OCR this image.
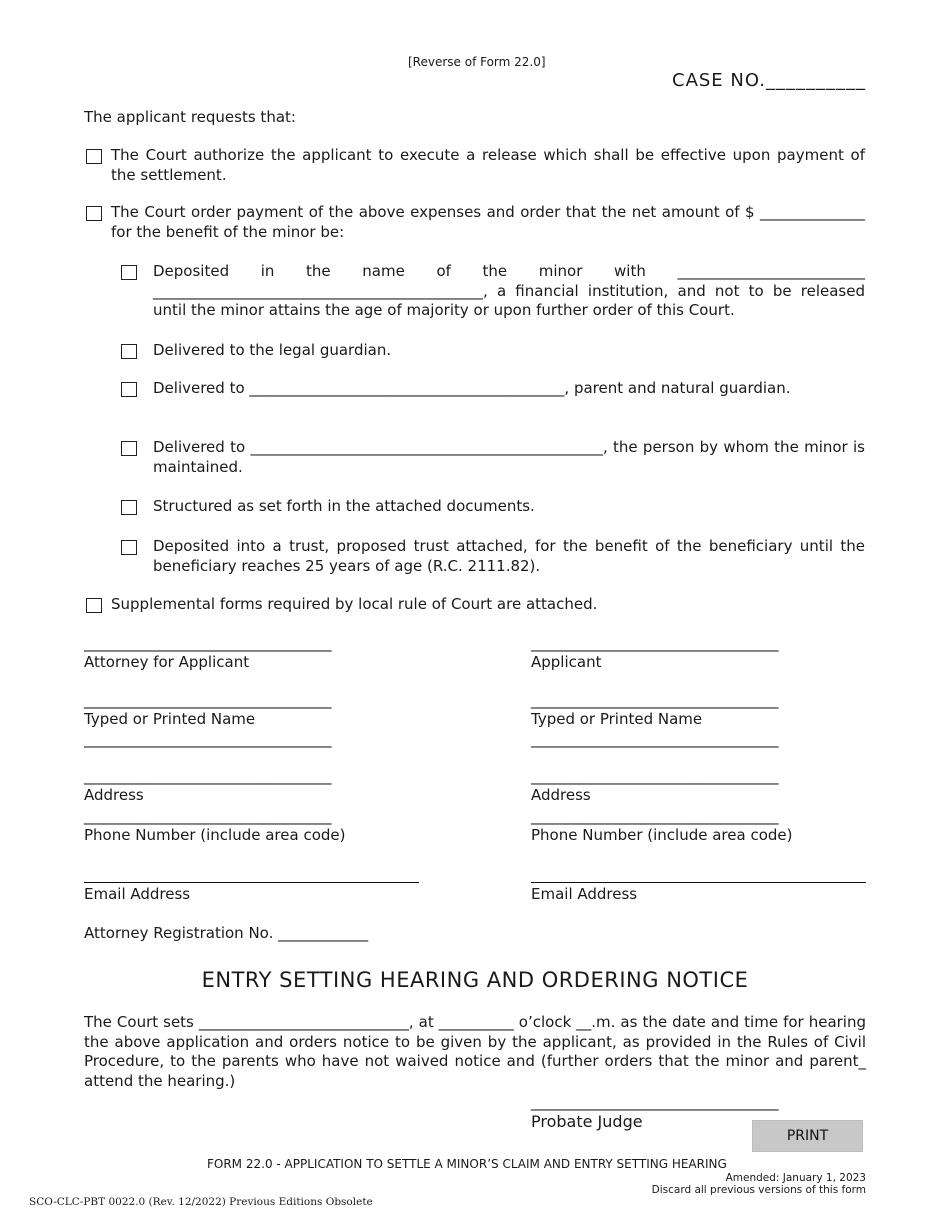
[Reverse of Form 22.0]
CASE NO.__________
The applicant requests that:
The Court authorize the applicant to execute a release which shall be effective upon payment of the settlement.
The Court order payment of the above expenses and order that the net amount of $ ______________ for the benefit of the minor be:
Deposited in the name of the minor with _________________________ ____________________________________________, a financial institution, and not to be released until the minor attains the age of majority or upon further order of this Court.
Delivered to the legal guardian.
Delivered to __________________________________________, parent and natural guardian.
Delivered to _______________________________________________, the person by whom the minor is maintained.
Structured as set forth in the attached documents.
Deposited into a trust, proposed trust attached, for the benefit of the beneficiary until the beneficiary reaches 25 years of age (R.C. 2111.82).
Supplemental forms required by local rule of Court are attached.
_________________________________
Attorney for Applicant
_________________________________
Typed or Printed Name
_________________________________
_________________________________
Address
_________________________________
Phone Number (include area code)
Email Address
Attorney Registration No. ____________
_________________________________
Applicant
_________________________________
Typed or Printed Name
_________________________________
_________________________________
Address
_________________________________
Phone Number (include area code)
Email Address
ENTRY SETTING HEARING AND ORDERING NOTICE
The Court sets ____________________________, at __________ o’clock __.m. as the date and time for hearing the above application and orders notice to be given by the applicant, as provided in the Rules of Civil Procedure, to the parents who have not waived notice and (further orders that the minor and parent_ attend the hearing.)
_________________________________
Probate Judge
PRINT
FORM 22.0 - APPLICATION TO SETTLE A MINOR’S CLAIM AND ENTRY SETTING HEARING
Amended: January 1, 2023
Discard all previous versions of this form
SCO-CLC-PBT 0022.0 (Rev. 12/2022) Previous Editions Obsolete
